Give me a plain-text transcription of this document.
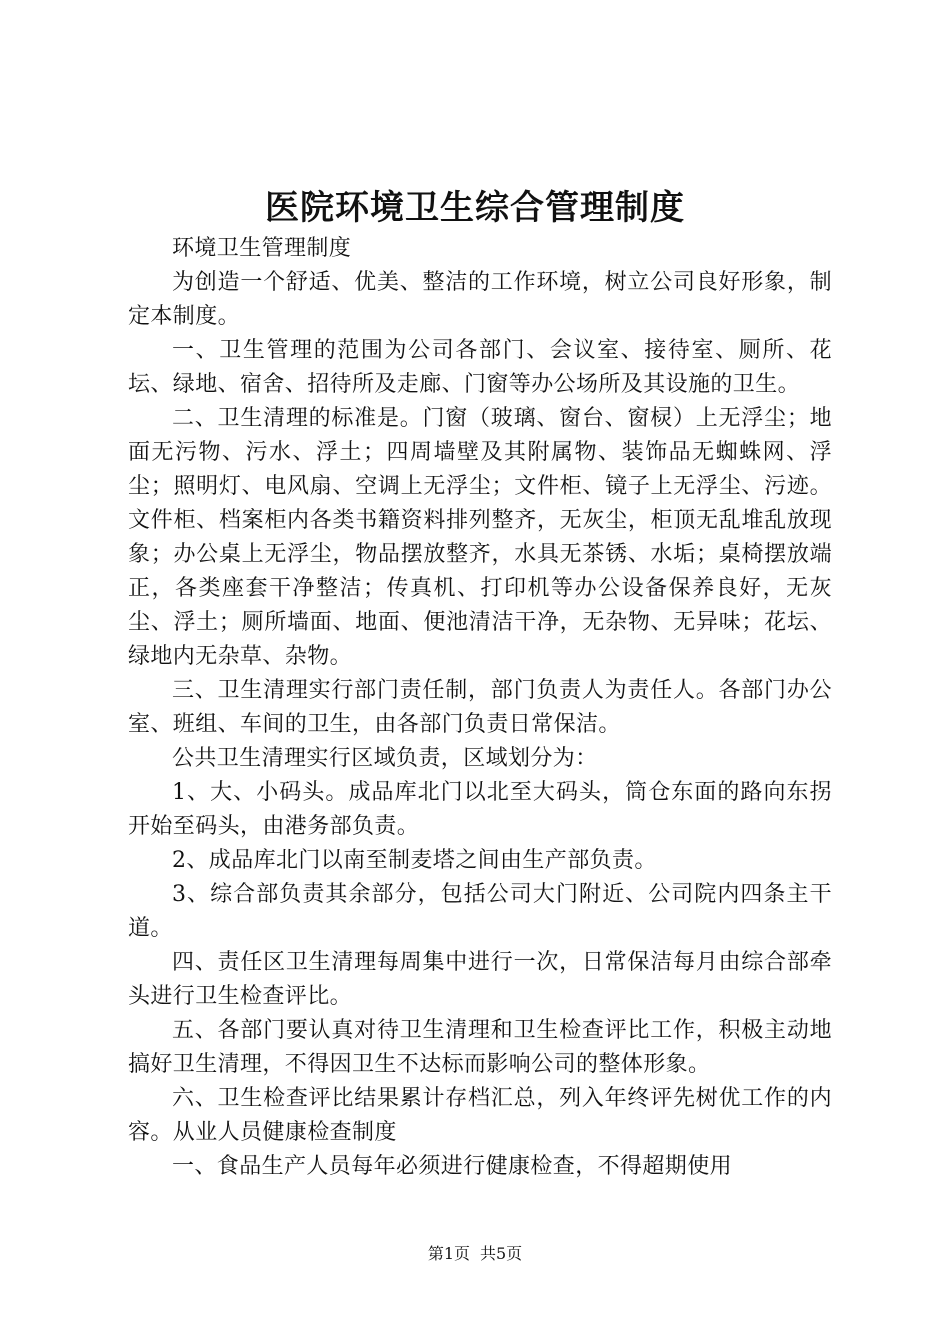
医院环境卫生综合管理制度

环境卫生管理制度

为创造一个舒适、优美、整洁的工作环境，树立公司良好形象，制定本制度。

一、卫生管理的范围为公司各部门、会议室、接待室、厕所、花坛、绿地、宿舍、招待所及走廊、门窗等办公场所及其设施的卫生。

二、卫生清理的标准是。门窗（玻璃、窗台、窗棂）上无浮尘；地面无污物、污水、浮土；四周墙壁及其附属物、装饰品无蜘蛛网、浮尘；照明灯、电风扇、空调上无浮尘；文件柜、镜子上无浮尘、污迹。文件柜、档案柜内各类书籍资料排列整齐，无灰尘，柜顶无乱堆乱放现象；办公桌上无浮尘，物品摆放整齐，水具无茶锈、水垢；桌椅摆放端正，各类座套干净整洁；传真机、打印机等办公设备保养良好，无灰尘、浮土；厕所墙面、地面、便池清洁干净，无杂物、无异味；花坛、绿地内无杂草、杂物。

三、卫生清理实行部门责任制，部门负责人为责任人。各部门办公室、班组、车间的卫生，由各部门负责日常保洁。

公共卫生清理实行区域负责，区域划分为：

1、大、小码头。成品库北门以北至大码头，筒仓东面的路向东拐开始至码头，由港务部负责。

2、成品库北门以南至制麦塔之间由生产部负责。

3、综合部负责其余部分，包括公司大门附近、公司院内四条主干道。

四、责任区卫生清理每周集中进行一次，日常保洁每月由综合部牵头进行卫生检查评比。

五、各部门要认真对待卫生清理和卫生检查评比工作，积极主动地搞好卫生清理，不得因卫生不达标而影响公司的整体形象。

六、卫生检查评比结果累计存档汇总，列入年终评先树优工作的内容。从业人员健康检查制度

一、食品生产人员每年必须进行健康检查，不得超期使用

第1页 共5页
